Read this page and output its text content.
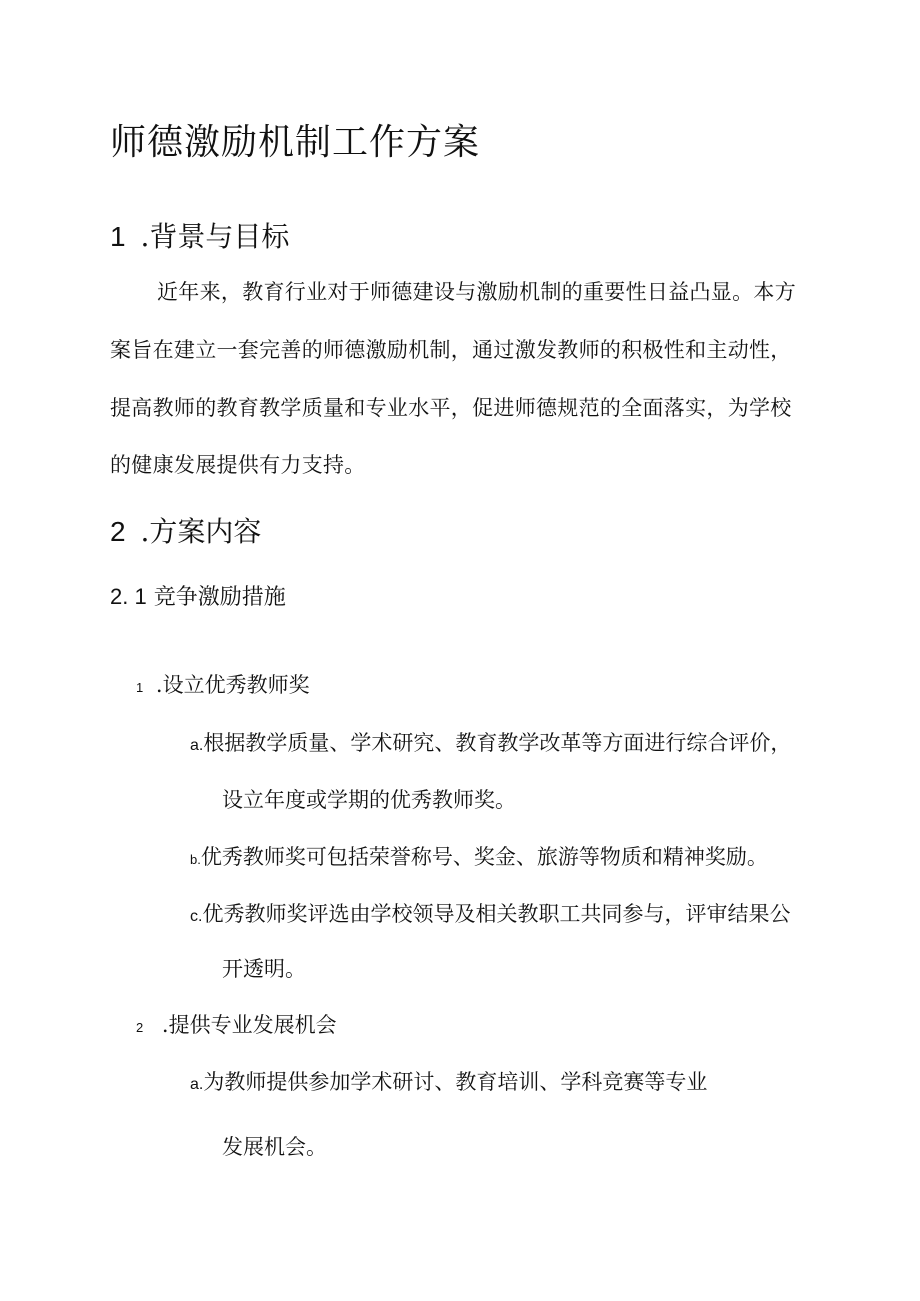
师德激励机制工作方案
1 .背景与目标
近年来，教育行业对于师德建设与激励机制的重要性日益凸显。本方
案旨在建立一套完善的师德激励机制，通过激发教师的积极性和主动性，
提高教师的教育教学质量和专业水平，促进师德规范的全面落实，为学校
的健康发展提供有力支持。
2 .方案内容
2. 1 竞争激励措施
1 .设立优秀教师奖
a.根据教学质量、学术研究、教育教学改革等方面进行综合评价，
设立年度或学期的优秀教师奖。
b.优秀教师奖可包括荣誉称号、奖金、旅游等物质和精神奖励。
c.优秀教师奖评选由学校领导及相关教职工共同参与，评审结果公
开透明。
2 .提供专业发展机会
a.为教师提供参加学术研讨、教育培训、学科竞赛等专业
发展机会。
